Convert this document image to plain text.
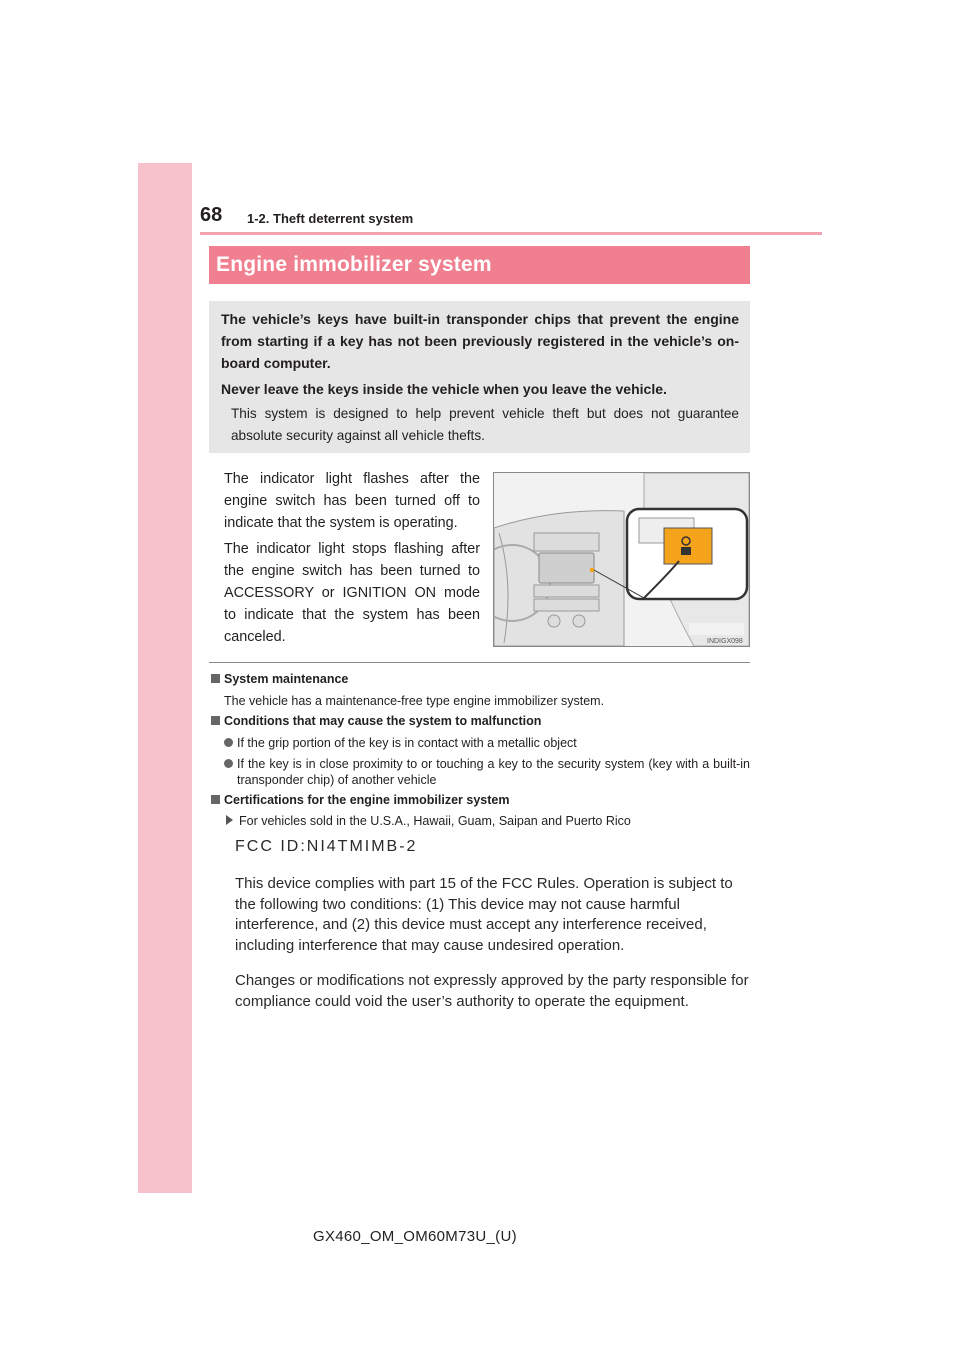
68 1-2. Theft deterrent system
Engine immobilizer system

The vehicle’s keys have built-in transponder chips that prevent the engine from starting if a key has not been previously registered in the vehicle’s on-board computer.

Never leave the keys inside the vehicle when you leave the vehicle.

This system is designed to help prevent vehicle theft but does not guarantee absolute security against all vehicle thefts.

The indicator light flashes after the engine switch has been turned off to indicate that the system is operating.

The indicator light stops flashing after the engine switch has been turned to ACCESSORY or IGNITION ON mode to indicate that the system has been canceled.	INDIGX098
System maintenance
The vehicle has a maintenance-free type engine immobilizer system.
Conditions that may cause the system to malfunction
If the grip portion of the key is in contact with a metallic object
If the key is in close proximity to or touching a key to the security system (key with a built-in transponder chip) of another vehicle
Certifications for the engine immobilizer system
For vehicles sold in the U.S.A., Hawaii, Guam, Saipan and Puerto Rico

FCC ID:NI4TMIMB-2

This device complies with part 15 of the FCC Rules. Operation is subject to the following two conditions: (1) This device may not cause harmful interference, and (2) this device must accept any interference received, including interference that may cause undesired operation.

Changes or modifications not expressly approved by the party responsible for compliance could void the user’s authority to operate the equipment.

GX460_OM_OM60M73U_(U)
